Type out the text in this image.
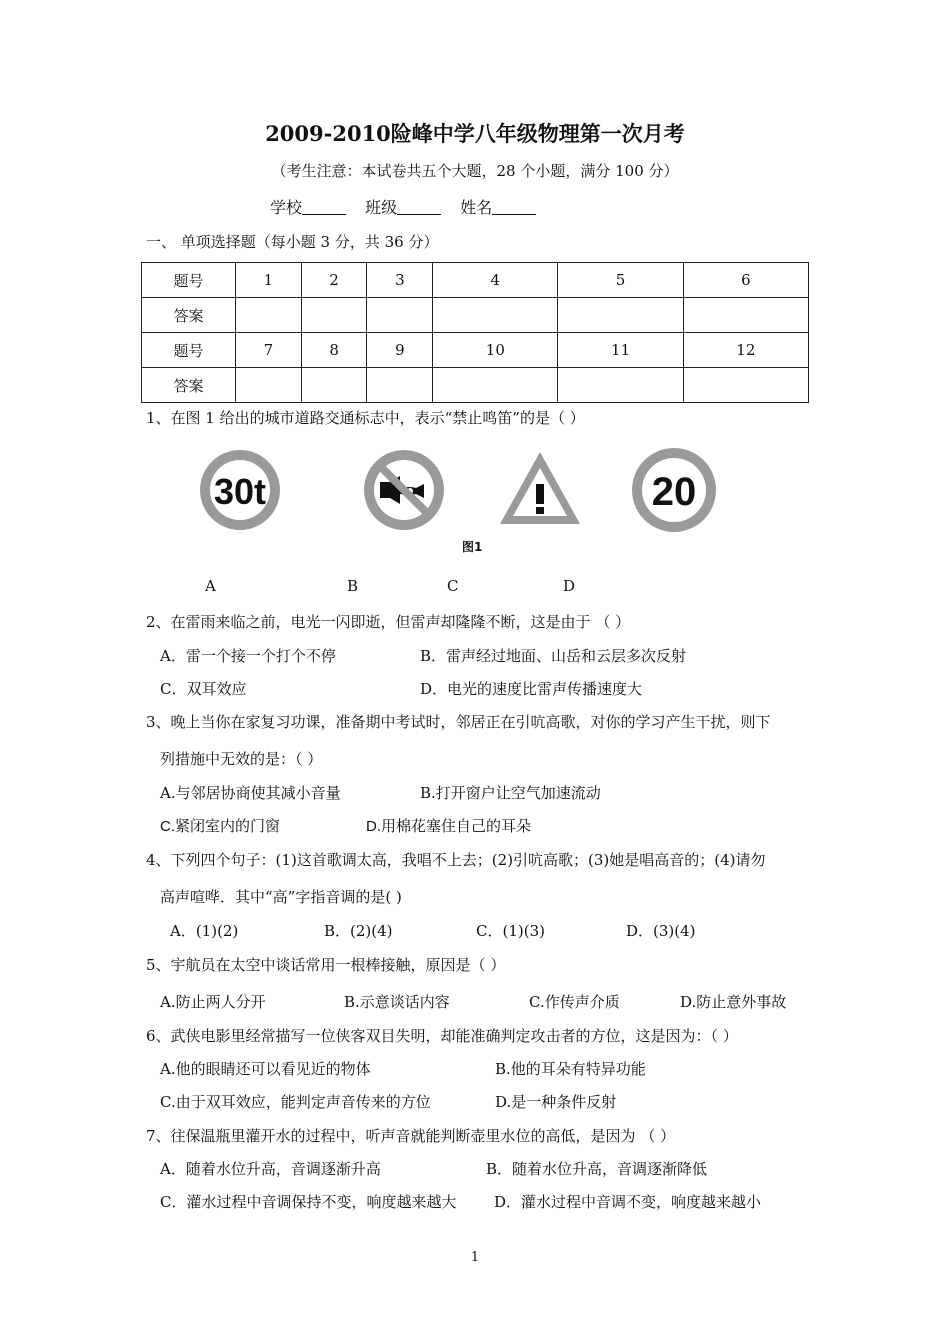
2009-2010险峰中学八年级物理第一次月考
（考生注意：本试卷共五个大题，28 个小题，满分 100 分）
学校	班级	姓名
一、 单项选择题（每小题 3 分，共 36 分）
题号	1	2	3	4	5	6
答案						
题号	7	8	9	10	11	12
答案						
1、在图 1 给出的城市道路交通标志中，表示“禁止鸣笛”的是（ ）
30t	20
图1
A	B	C	D
2、在雷雨来临之前，电光一闪即逝，但雷声却隆隆不断，这是由于 （ ）
A．雷一个接一个打个不停	B．雷声经过地面、山岳和云层多次反射
C．双耳效应	D．电光的速度比雷声传播速度大
3、晚上当你在家复习功课，准备期中考试时，邻居正在引吭高歌，对你的学习产生干扰，则下
列措施中无效的是：（ ）
A.与邻居协商使其减小音量	B.打开窗户让空气加速流动
C.紧闭室内的门窗	D.用棉花塞住自己的耳朵
4、下列四个句子：(1)这首歌调太高，我唱不上去；(2)引吭高歌；(3)她是唱高音的；(4)请勿
高声喧哗．其中“高”字指音调的是( )
A．(1)(2)	B．(2)(4)	C．(1)(3)	D．(3)(4)
5、宇航员在太空中谈话常用一根棒接触，原因是（ ）
A.防止两人分开	B.示意谈话内容	C.作传声介质	D.防止意外事故
6、武侠电影里经常描写一位侠客双目失明，却能准确判定攻击者的方位，这是因为：（ ）
A.他的眼睛还可以看见近的物体	B.他的耳朵有特异功能
C.由于双耳效应，能判定声音传来的方位	D.是一种条件反射
7、往保温瓶里灌开水的过程中，听声音就能判断壶里水位的高低，是因为 （ ）
A．随着水位升高，音调逐渐升高	B．随着水位升高，音调逐渐降低
C．灌水过程中音调保持不变，响度越来越大	D．灌水过程中音调不变，响度越来越小
1
